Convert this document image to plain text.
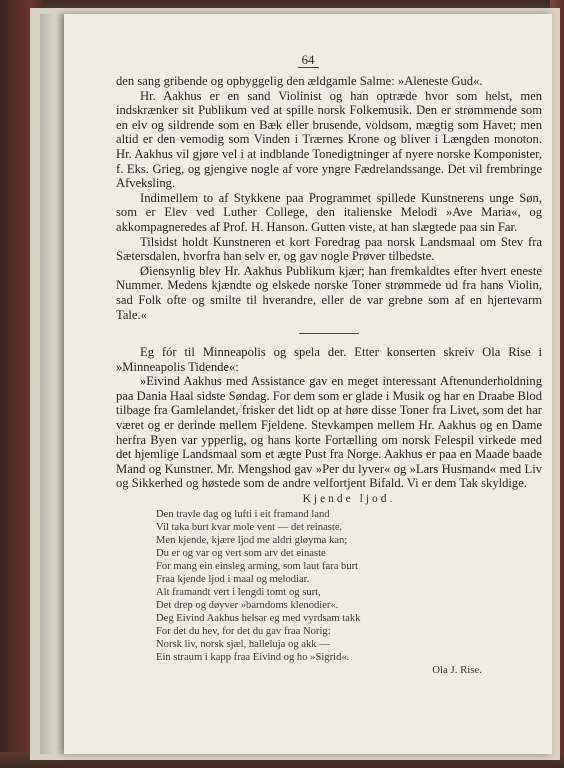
64

den sang gribende og opbyggelig den ældgamle Salme: »Aleneste Gud«.

Hr. Aakhus er en sand Violinist og han optræde hvor som helst, men indskrænker sit Publikum ved at spille norsk Folkemusik. Den er strømmende som en elv og sildrende som en Bæk eller brusende, voldsom, mægtig som Havet; men altid er den vemodig som Vinden i Trærnes Krone og bliver i Længden monoton. Hr. Aakhus vil gjøre vel i at indblande Tonedigtninger af nyere norske Komponister, f. Eks. Grieg, og gjengive nogle af vore yngre Fædrelandssange. Det vil frembringe Afveksling.

Indimellem to af Stykkene paa Programmet spillede Kunstnerens unge Søn, som er Elev ved Luther College, den italienske Melodi »Ave Maria«, og akkompagneredes af Prof. H. Hanson. Gutten viste, at han slægtede paa sin Far.

Tilsidst holdt Kunstneren et kort Foredrag paa norsk Landsmaal om Stev fra Sætersdalen, hvorfra han selv er, og gav nogle Prøver tilbedste.

Øiensynlig blev Hr. Aakhus Publikum kjær; han fremkaldtes efter hvert eneste Nummer. Medens kjændte og elskede norske Toner strømmede ud fra hans Violin, sad Folk ofte og smilte til hverandre, eller de var grebne som af en hjertevarm Tale.«

Eg fór til Minneapolis og spela der. Etter konserten skreiv Ola Rise i »Minneapolis Tidende«:

»Eivind Aakhus med Assistance gav en meget interessant Aftenunderholdning paa Dania Haal sidste Søndag. For dem som er glade i Musik og har en Draabe Blod tilbage fra Gamlelandet, frisker det lidt op at høre disse Toner fra Livet, som det har været og er derinde mellem Fjeldene. Stevkampen mellem Hr. Aakhus og en Dame herfra Byen var ypperlig, og hans korte Fortælling om norsk Felespil virkede med det hjemlige Landsmaal som et ægte Pust fra Norge. Aakhus er paa en Maade baade Mand og Kunstner. Mr. Mengshod gav »Per du lyver« og »Lars Husmand« med Liv og Sikkerhed og høstede som de andre velfortjent Bifald. Vi er dem Tak skyldige.

Kjende ljod.
Den travle dag og lufti i eit framand land
Vil taka burt kvar mole vent — det reinaste.
Men kjende, kjære ljod me aldri gløyma kan;
Du er og var og vert som arv det einaste
For mang ein einsleg arming, som laut fara burt
Fraa kjende ljod i maal og melodiar.
Alt framandt vert i lengdi tomt og surt,
Det drep og døyver »barndoms klenodier«.
Deg Eivind Aakhus helsar eg med vyrdsam takk
For det du hev, for det du gav fraa Norig:
Norsk liv, norsk sjæl, halleluja og akk —
Ein straum i kapp fraa Eivind og ho »Sigrid«.
Ola J. Rise.
